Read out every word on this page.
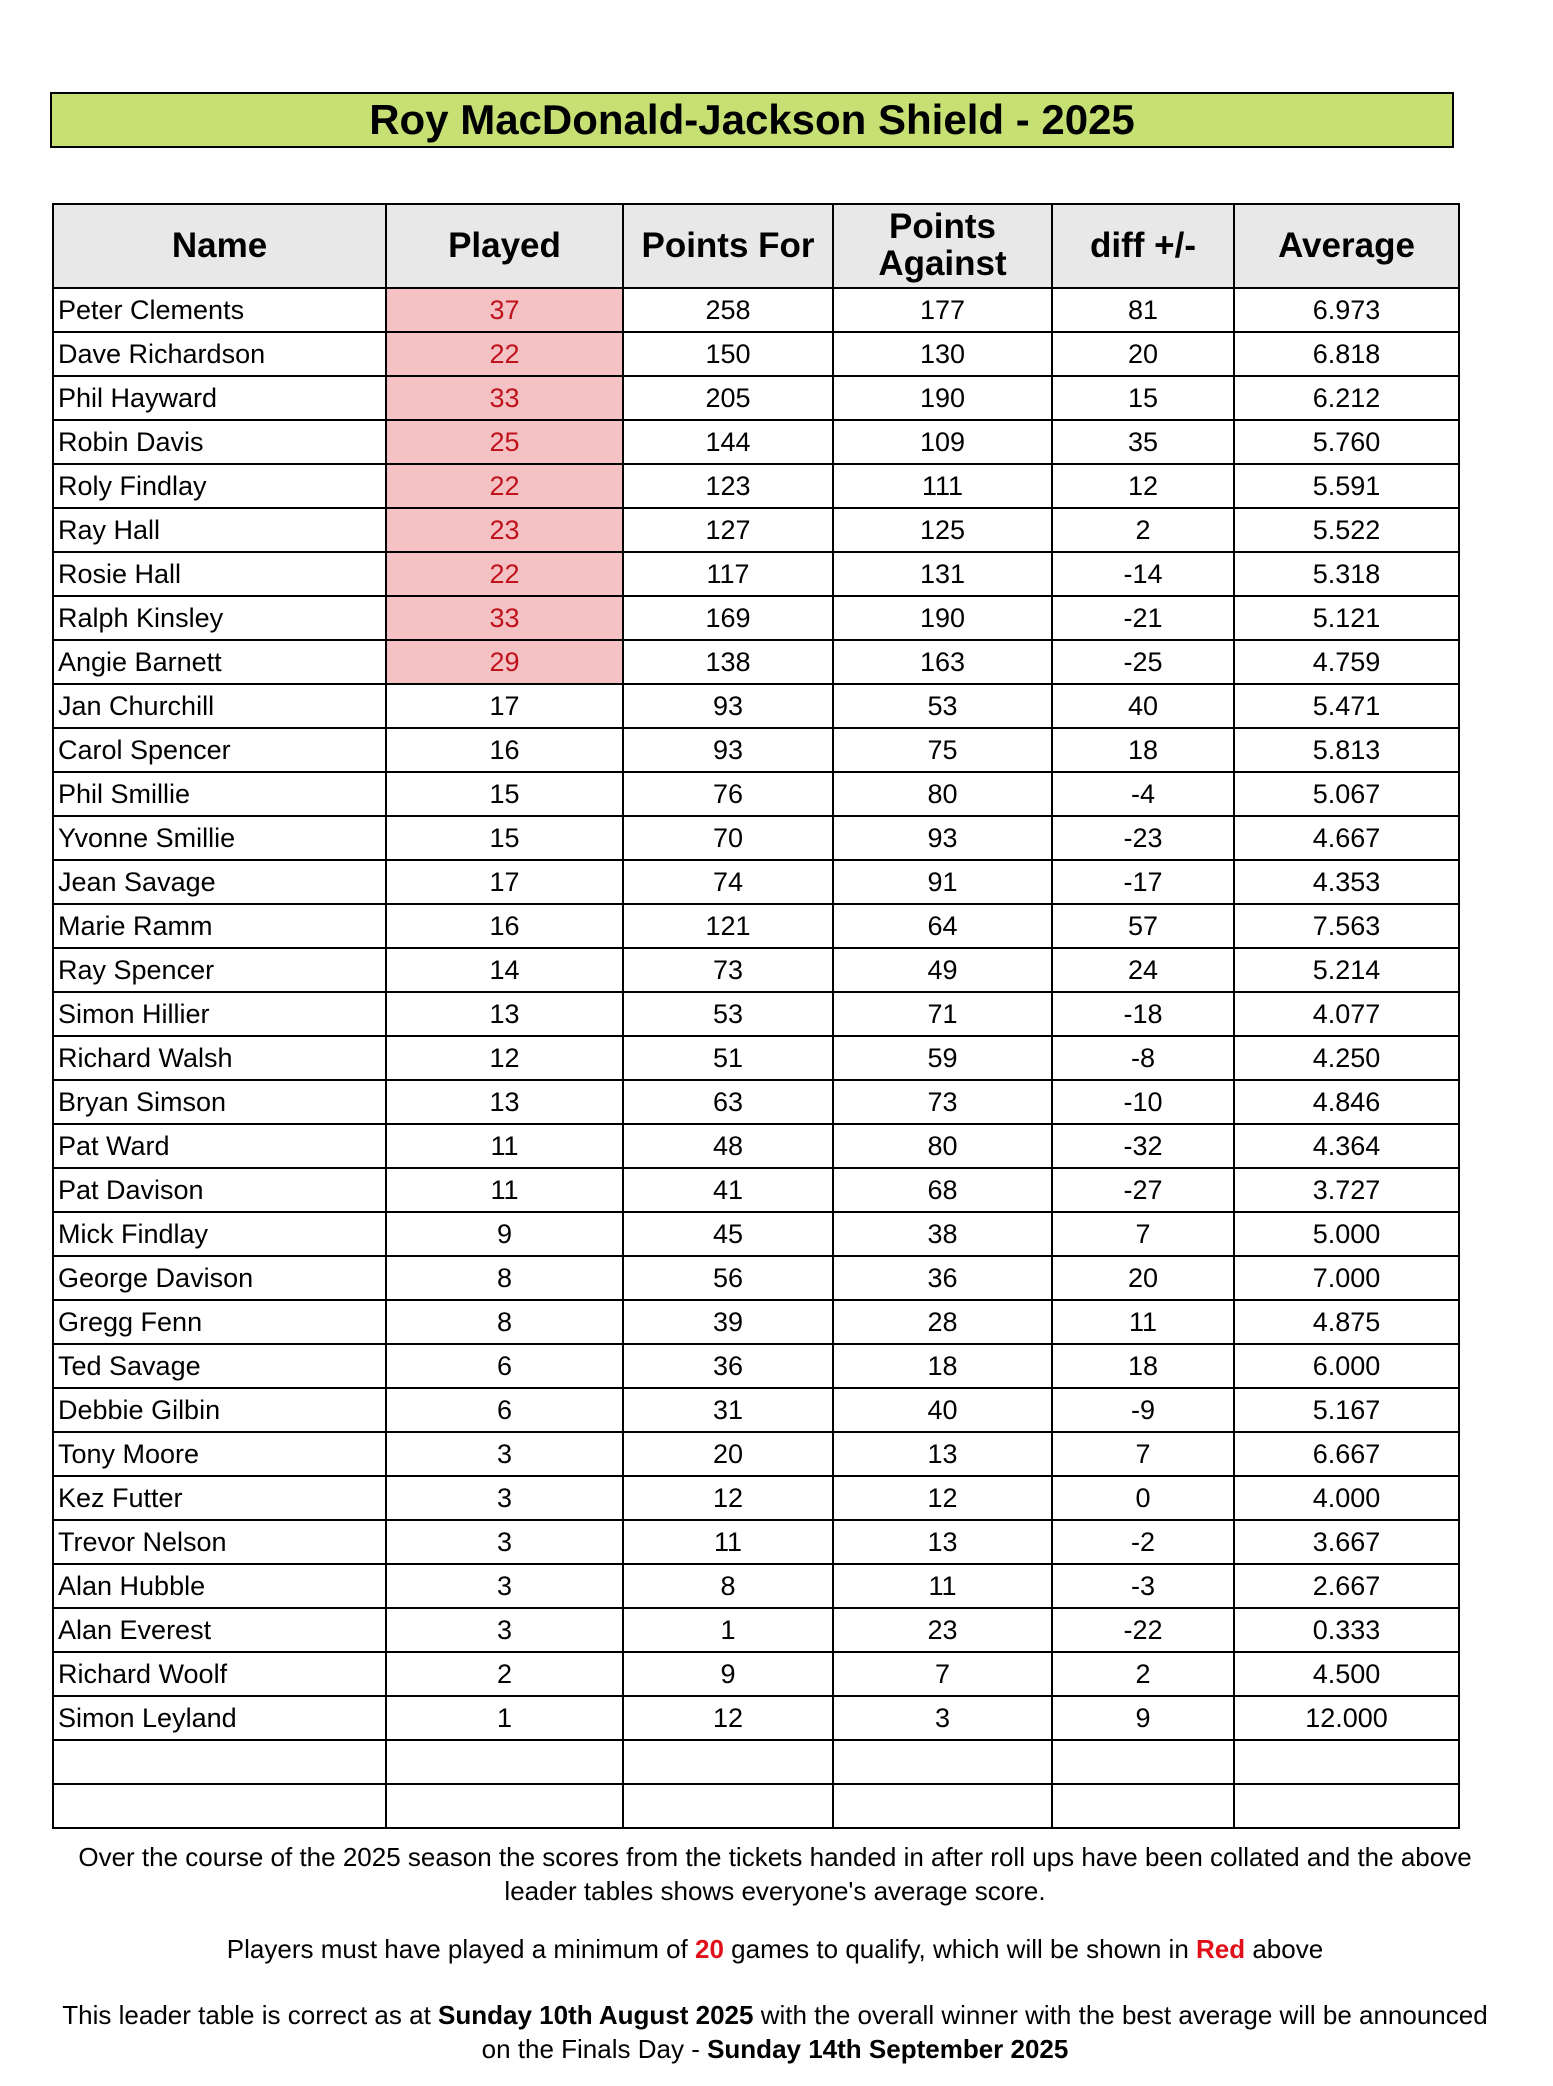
Roy MacDonald-Jackson Shield - 2025
Name	Played	Points For	Points Against	diff +/-	Average
Peter Clements	37	258	177	81	6.973
Dave Richardson	22	150	130	20	6.818
Phil Hayward	33	205	190	15	6.212
Robin Davis	25	144	109	35	5.760
Roly Findlay	22	123	111	12	5.591
Ray Hall	23	127	125	2	5.522
Rosie Hall	22	117	131	-14	5.318
Ralph Kinsley	33	169	190	-21	5.121
Angie Barnett	29	138	163	-25	4.759
Jan Churchill	17	93	53	40	5.471
Carol Spencer	16	93	75	18	5.813
Phil Smillie	15	76	80	-4	5.067
Yvonne Smillie	15	70	93	-23	4.667
Jean Savage	17	74	91	-17	4.353
Marie Ramm	16	121	64	57	7.563
Ray Spencer	14	73	49	24	5.214
Simon Hillier	13	53	71	-18	4.077
Richard Walsh	12	51	59	-8	4.250
Bryan Simson	13	63	73	-10	4.846
Pat Ward	11	48	80	-32	4.364
Pat Davison	11	41	68	-27	3.727
Mick Findlay	9	45	38	7	5.000
George Davison	8	56	36	20	7.000
Gregg Fenn	8	39	28	11	4.875
Ted Savage	6	36	18	18	6.000
Debbie Gilbin	6	31	40	-9	5.167
Tony Moore	3	20	13	7	6.667
Kez Futter	3	12	12	0	4.000
Trevor Nelson	3	11	13	-2	3.667
Alan Hubble	3	8	11	-3	2.667
Alan Everest	3	1	23	-22	0.333
Richard Woolf	2	9	7	2	4.500
Simon Leyland	1	12	3	9	12.000

Over the course of the 2025 season the scores from the tickets handed in after roll ups have been collated and the above leader tables shows everyone's average score.
Players must have played a minimum of 20 games to qualify, which will be shown in Red above
This leader table is correct as at Sunday 10th August 2025 with the overall winner with the best average will be announced on the Finals Day - Sunday 14th September 2025
